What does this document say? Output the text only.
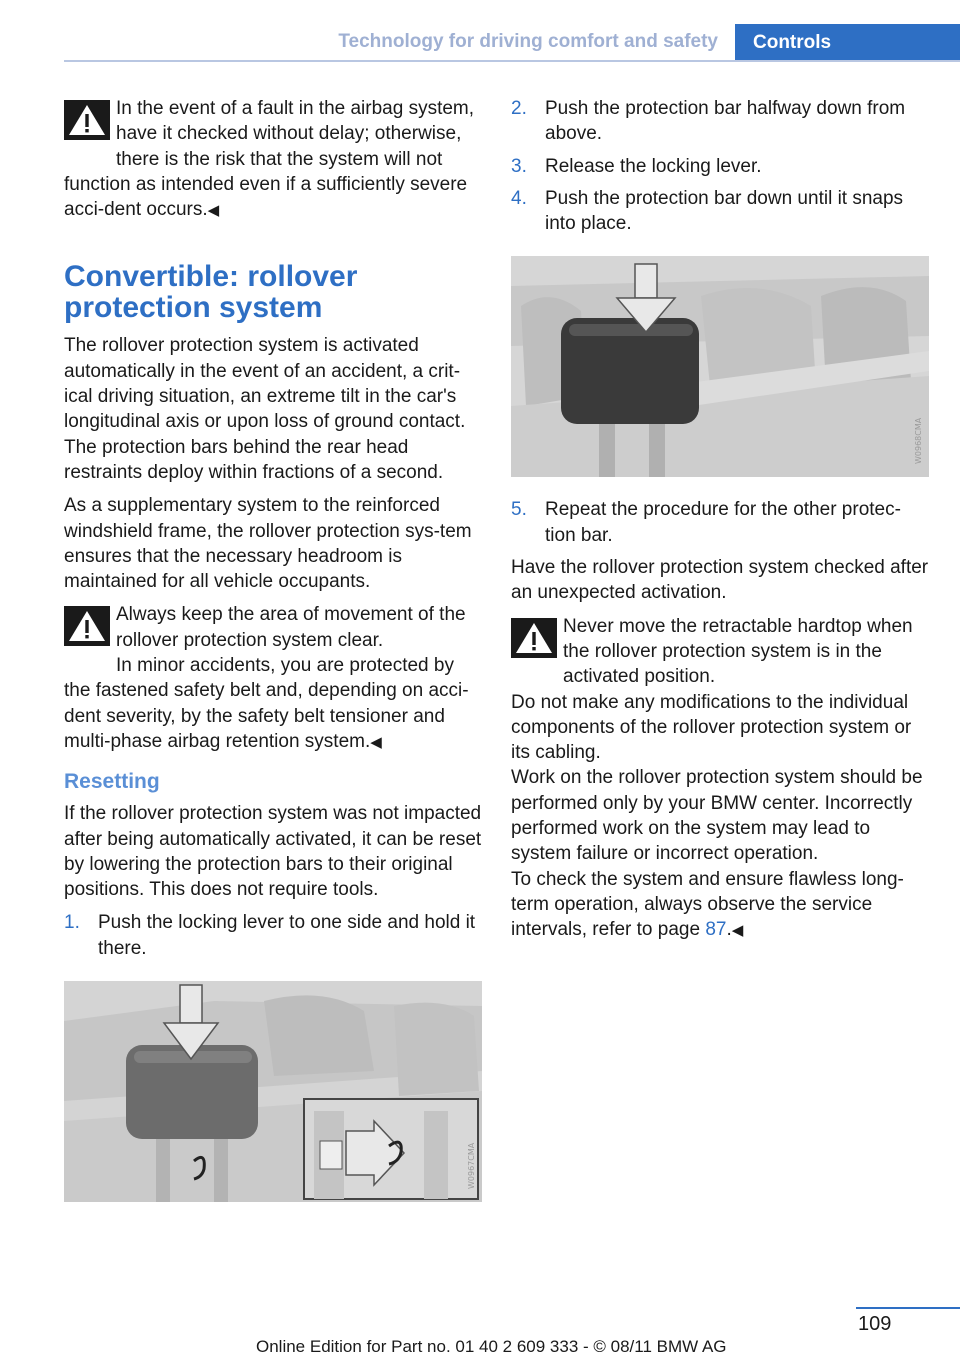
Technology for driving comfort and safety	Controls
In the event of a fault in the airbag system, have it checked without delay; otherwise,
there is the risk that the system will not function as intended even if a sufficiently severe acci-dent occurs.◀
Convertible: rollover protection system

The rollover protection system is activated automatically in the event of an accident, a crit-ical driving situation, an extreme tilt in the car's longitudinal axis or upon loss of ground contact. The protection bars behind the rear head restraints deploy within fractions of a second.

As a supplementary system to the reinforced windshield frame, the rollover protection sys-tem ensures that the necessary headroom is maintained for all vehicle occupants.

Always keep the area of movement of the rollover protection system clear.
In minor accidents, you are protected by the fastened safety belt and, depending on acci-dent severity, by the safety belt tensioner and multi-phase airbag retention system.◀
Resetting

If the rollover protection system was not impacted after being automatically activated, it can be reset by lowering the protection bars to their original positions. This does not require tools.

1. Push the locking lever to one side and hold it there.
W0967CMA
2. Push the protection bar halfway down from above.
3. Release the locking lever.
4. Push the protection bar down until it snaps into place.
W0968CMA
5. Repeat the procedure for the other protec-tion bar.

Have the rollover protection system checked after an unexpected activation.

Never move the retractable hardtop when the rollover protection system is in the
activated position.
Do not make any modifications to the individual components of the rollover protection system or its cabling.
Work on the rollover protection system should be performed only by your BMW center. Incorrectly performed work on the system may lead to system failure or incorrect operation.
To check the system and ensure flawless long-term operation, always observe the service intervals, refer to page 87.◀
109
Online Edition for Part no. 01 40 2 609 333 - © 08/11 BMW AG
